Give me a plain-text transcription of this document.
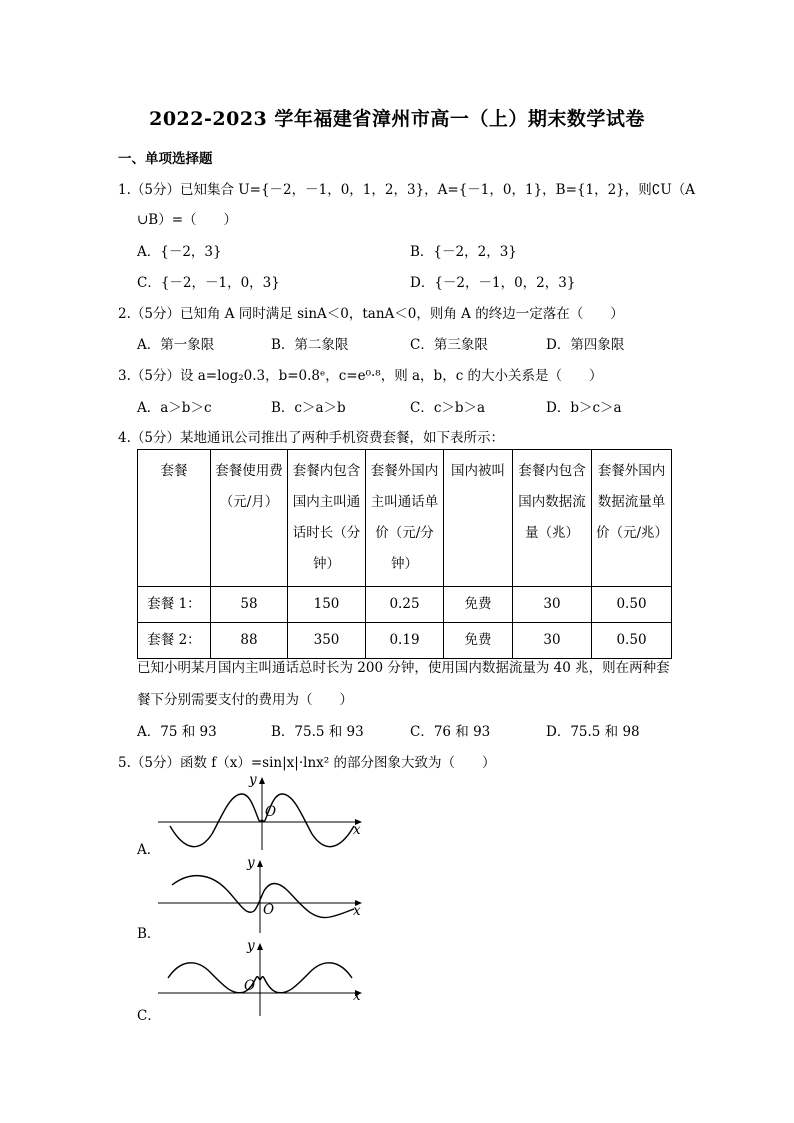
2022-2023 学年福建省漳州市高一（上）期末数学试卷
一、单项选择题
1.（5分）已知集合 U={－2，－1，0，1，2，3}，A={－1，0，1}，B={1，2}，则∁U（A
∪B）=（　　）
A．{－2，3}	B．{－2，2，3}
C．{－2，－1，0，3}	D．{－2，－1，0，2，3}
2.（5分）已知角 A 同时满足 sinA＜0，tanA＜0，则角 A 的终边一定落在（　　）
A．第一象限	B．第二象限	C．第三象限	D．第四象限
3.（5分）设 a=log₂0.3，b=0.8ᵉ，c=e⁰·⁸，则 a，b，c 的大小关系是（　　）
A．a＞b＞c	B．c＞a＞b	C．c＞b＞a	D．b＞c＞a
4.（5分）某地通讯公司推出了两种手机资费套餐，如下表所示：
套餐	套餐使用费（元/月）	套餐内包含国内主叫通话时长（分钟）	套餐外国内主叫通话单价（元/分钟）	国内被叫	套餐内包含国内数据流量（兆）	套餐外国内数据流量单价（元/兆）
套餐 1：	58	150	0.25	免费	30	0.50
套餐 2：	88	350	0.19	免费	30	0.50
已知小明某月国内主叫通话总时长为 200 分钟，使用国内数据流量为 40 兆，则在两种套
餐下分别需要支付的费用为（　　）
A．75 和 93	B．75.5 和 93	C．76 和 93	D．75.5 和 98
5.（5分）函数 f（x）=sin|x|·lnx² 的部分图象大致为（　　）
A．
y
x
O
B．
y
x
O
C．
y
x
O
